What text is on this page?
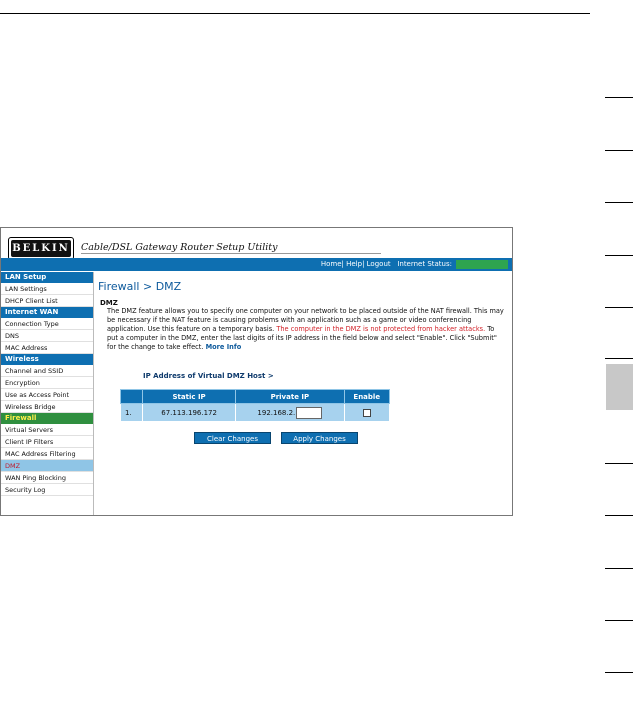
BELKIN Cable/DSL Gateway Router Setup Utility
Home| Help| Logout Internet Status:
LAN Setup
LAN Settings
DHCP Client List
Internet WAN
Connection Type
DNS
MAC Address
Wireless
Channel and SSID
Encryption
Use as Access Point
Wireless Bridge
Firewall
Virtual Servers
Client IP Filters
MAC Address Filtering
DMZ
WAN Ping Blocking
Security Log
Firewall > DMZ
DMZ
The DMZ feature allows you to specify one computer on your network to be placed outside of the NAT firewall. This may be necessary if the NAT feature is causing problems with an application such as a game or video conferencing application. Use this feature on a temporary basis. The computer in the DMZ is not protected from hacker attacks. To put a computer in the DMZ, enter the last digits of its IP address in the field below and select "Enable". Click "Submit" for the change to take effect. More Info
IP Address of Virtual DMZ Host >
	Static IP	Private IP	Enable
1.	67.113.196.172	192.168.2.	
Clear Changes	Apply Changes
